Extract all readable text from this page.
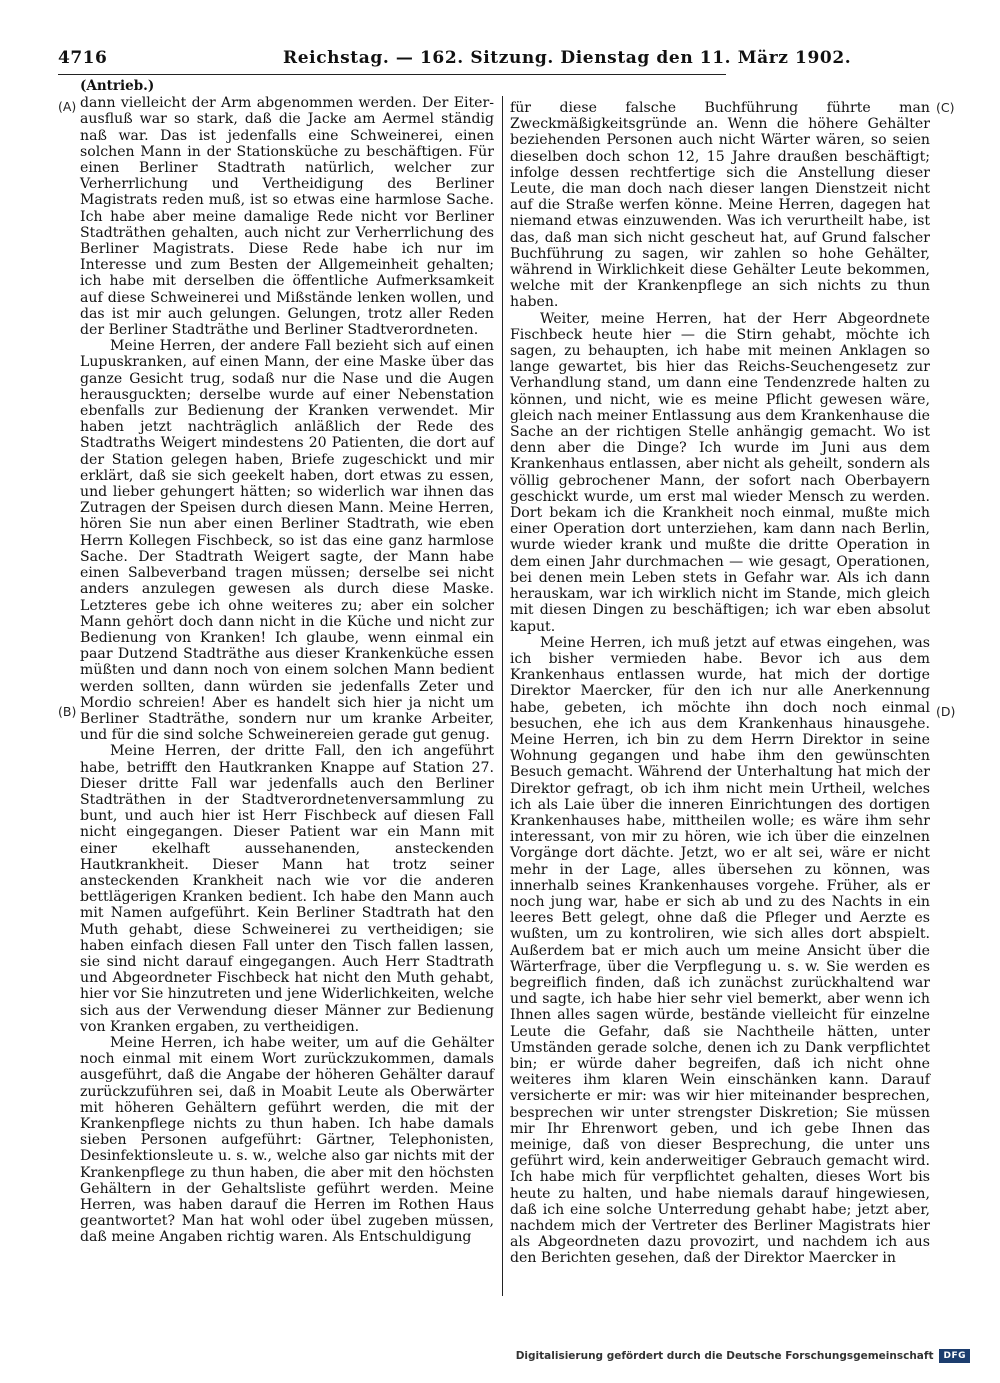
4716	Reichstag. — 162. Sitzung. Dienstag den 11. März 1902.
(A)
(B)
(C)
(D)
(Antrieb.)

dann vielleicht der Arm abgenommen werden. Der Eiter-ausfluß war so stark, daß die Jacke am Aermel ständig naß war. Das ist jedenfalls eine Schweinerei, einen solchen Mann in der Stationsküche zu beschäftigen. Für einen Berliner Stadtrath natürlich, welcher zur Verherrlichung und Vertheidigung des Berliner Magistrats reden muß, ist so etwas eine harmlose Sache. Ich habe aber meine damalige Rede nicht vor Berliner Stadträthen gehalten, auch nicht zur Verherrlichung des Berliner Magistrats. Diese Rede habe ich nur im Interesse und zum Besten der Allgemeinheit gehalten; ich habe mit derselben die öffentliche Aufmerksamkeit auf diese Schweinerei und Mißstände lenken wollen, und das ist mir auch gelungen. Gelungen, trotz aller Reden der Berliner Stadträthe und Berliner Stadtverordneten.

Meine Herren, der andere Fall bezieht sich auf einen Lupuskranken, auf einen Mann, der eine Maske über das ganze Gesicht trug, sodaß nur die Nase und die Augen herausguckten; derselbe wurde auf einer Nebenstation ebenfalls zur Bedienung der Kranken verwendet. Mir haben jetzt nachträglich anläßlich der Rede des Stadtraths Weigert mindestens 20 Patienten, die dort auf der Station gelegen haben, Briefe zugeschickt und mir erklärt, daß sie sich geekelt haben, dort etwas zu essen, und lieber gehungert hätten; so widerlich war ihnen das Zutragen der Speisen durch diesen Mann. Meine Herren, hören Sie nun aber einen Berliner Stadtrath, wie eben Herrn Kollegen Fischbeck, so ist das eine ganz harmlose Sache. Der Stadtrath Weigert sagte, der Mann habe einen Salbeverband tragen müssen; derselbe sei nicht anders anzulegen gewesen als durch diese Maske. Letzteres gebe ich ohne weiteres zu; aber ein solcher Mann gehört doch dann nicht in die Küche und nicht zur Bedienung von Kranken! Ich glaube, wenn einmal ein paar Dutzend Stadträthe aus dieser Krankenküche essen müßten und dann noch von einem solchen Mann bedient werden sollten, dann würden sie jedenfalls Zeter und Mordio schreien! Aber es handelt sich hier ja nicht um Berliner Stadträthe, sondern nur um kranke Arbeiter, und für die sind solche Schweinereien gerade gut genug.

Meine Herren, der dritte Fall, den ich angeführt habe, betrifft den Hautkranken Knappe auf Station 27. Dieser dritte Fall war jedenfalls auch den Berliner Stadträthen in der Stadtverordnetenversammlung zu bunt, und auch hier ist Herr Fischbeck auf diesen Fall nicht eingegangen. Dieser Patient war ein Mann mit einer ekelhaft aussehanenden, ansteckenden Hautkrankheit. Dieser Mann hat trotz seiner ansteckenden Krankheit nach wie vor die anderen bettlägerigen Kranken bedient. Ich habe den Mann auch mit Namen aufgeführt. Kein Berliner Stadtrath hat den Muth gehabt, diese Schweinerei zu vertheidigen; sie haben einfach diesen Fall unter den Tisch fallen lassen, sie sind nicht darauf eingegangen. Auch Herr Stadtrath und Abgeordneter Fischbeck hat nicht den Muth gehabt, hier vor Sie hinzutreten und jene Widerlichkeiten, welche sich aus der Verwendung dieser Männer zur Bedienung von Kranken ergaben, zu vertheidigen.

Meine Herren, ich habe weiter, um auf die Gehälter noch einmal mit einem Wort zurückzukommen, damals ausgeführt, daß die Angabe der höheren Gehälter darauf zurückzuführen sei, daß in Moabit Leute als Oberwärter mit höheren Gehältern geführt werden, die mit der Krankenpflege nichts zu thun haben. Ich habe damals sieben Personen aufgeführt: Gärtner, Telephonisten, Desinfektionsleute u. s. w., welche also gar nichts mit der Krankenpflege zu thun haben, die aber mit den höchsten Gehältern in der Gehaltsliste geführt werden. Meine Herren, was haben darauf die Herren im Rothen Haus geantwortet? Man hat wohl oder übel zugeben müssen, daß meine Angaben richtig waren. Als Entschuldigung

für diese falsche Buchführung führte man Zweckmäßigkeitsgründe an. Wenn die höhere Gehälter beziehenden Personen auch nicht Wärter wären, so seien dieselben doch schon 12, 15 Jahre draußen beschäftigt; infolge dessen rechtfertige sich die Anstellung dieser Leute, die man doch nach dieser langen Dienstzeit nicht auf die Straße werfen könne. Meine Herren, dagegen hat niemand etwas einzuwenden. Was ich verurtheilt habe, ist das, daß man sich nicht gescheut hat, auf Grund falscher Buchführung zu sagen, wir zahlen so hohe Gehälter, während in Wirklichkeit diese Gehälter Leute bekommen, welche mit der Krankenpflege an sich nichts zu thun haben.

Weiter, meine Herren, hat der Herr Abgeordnete Fischbeck heute hier — die Stirn gehabt, möchte ich sagen, zu behaupten, ich habe mit meinen Anklagen so lange gewartet, bis hier das Reichs-Seuchengesetz zur Verhandlung stand, um dann eine Tendenzrede halten zu können, und nicht, wie es meine Pflicht gewesen wäre, gleich nach meiner Entlassung aus dem Krankenhause die Sache an der richtigen Stelle anhängig gemacht. Wo ist denn aber die Dinge? Ich wurde im Juni aus dem Krankenhaus entlassen, aber nicht als geheilt, sondern als völlig gebrochener Mann, der sofort nach Oberbayern geschickt wurde, um erst mal wieder Mensch zu werden. Dort bekam ich die Krankheit noch einmal, mußte mich einer Operation dort unterziehen, kam dann nach Berlin, wurde wieder krank und mußte die dritte Operation in dem einen Jahr durchmachen — wie gesagt, Operationen, bei denen mein Leben stets in Gefahr war. Als ich dann herauskam, war ich wirklich nicht im Stande, mich gleich mit diesen Dingen zu beschäftigen; ich war eben absolut kaput.

Meine Herren, ich muß jetzt auf etwas eingehen, was ich bisher vermieden habe. Bevor ich aus dem Krankenhaus entlassen wurde, hat mich der dortige Direktor Maercker, für den ich nur alle Anerkennung habe, gebeten, ich möchte ihn doch noch einmal besuchen, ehe ich aus dem Krankenhaus hinausgehe. Meine Herren, ich bin zu dem Herrn Direktor in seine Wohnung gegangen und habe ihm den gewünschten Besuch gemacht. Während der Unterhaltung hat mich der Direktor gefragt, ob ich ihm nicht mein Urtheil, welches ich als Laie über die inneren Einrichtungen des dortigen Krankenhauses habe, mittheilen wolle; es wäre ihm sehr interessant, von mir zu hören, wie ich über die einzelnen Vorgänge dort dächte. Jetzt, wo er alt sei, wäre er nicht mehr in der Lage, alles übersehen zu können, was innerhalb seines Krankenhauses vorgehe. Früher, als er noch jung war, habe er sich ab und zu des Nachts in ein leeres Bett gelegt, ohne daß die Pfleger und Aerzte es wußten, um zu kontroliren, wie sich alles dort abspielt. Außerdem bat er mich auch um meine Ansicht über die Wärterfrage, über die Verpflegung u. s. w. Sie werden es begreiflich finden, daß ich zunächst zurückhaltend war und sagte, ich habe hier sehr viel bemerkt, aber wenn ich Ihnen alles sagen würde, bestände vielleicht für einzelne Leute die Gefahr, daß sie Nachtheile hätten, unter Umständen gerade solche, denen ich zu Dank verpflichtet bin; er würde daher begreifen, daß ich nicht ohne weiteres ihm klaren Wein einschänken kann. Darauf versicherte er mir: was wir hier miteinander besprechen, besprechen wir unter strengster Diskretion; Sie müssen mir Ihr Ehrenwort geben, und ich gebe Ihnen das meinige, daß von dieser Besprechung, die unter uns geführt wird, kein anderweitiger Gebrauch gemacht wird. Ich habe mich für verpflichtet gehalten, dieses Wort bis heute zu halten, und habe niemals darauf hingewiesen, daß ich eine solche Unterredung gehabt habe; jetzt aber, nachdem mich der Vertreter des Berliner Magistrats hier als Abgeordneten dazu provozirt, und nachdem ich aus den Berichten gesehen, daß der Direktor Maercker in

Digitalisierung gefördert durch die Deutsche Forschungsgemeinschaft	DFG
